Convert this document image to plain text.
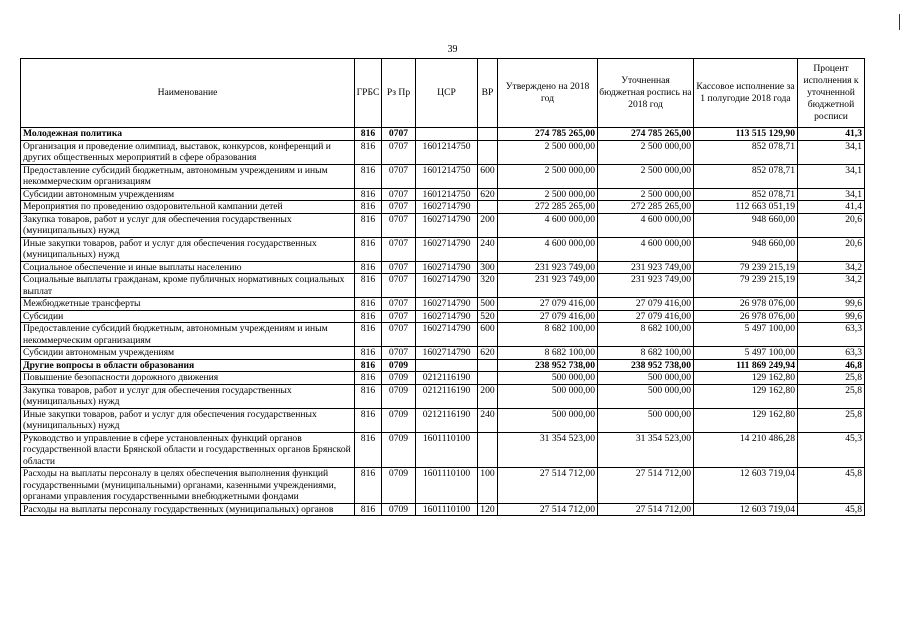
39
Наименование	ГРБС	Рз Пр	ЦСР	ВР	Утверждено на 2018 год	Уточненная бюджетная роспись на 2018 год	Кассовое исполнение за 1 полугодие 2018 года	Процент исполнения к уточненной бюджетной росписи
Молодежная политика	816	0707			274 785 265,00	274 785 265,00	113 515 129,90	41,3
Организация и проведение олимпиад, выставок, конкурсов, конференций и других общественных мероприятий в сфере образования	816	0707	1601214750		2 500 000,00	2 500 000,00	852 078,71	34,1
Предоставление субсидий бюджетным, автономным учреждениям и иным некоммерческим организациям	816	0707	1601214750	600	2 500 000,00	2 500 000,00	852 078,71	34,1
Субсидии автономным учреждениям	816	0707	1601214750	620	2 500 000,00	2 500 000,00	852 078,71	34,1
Мероприятия по проведению оздоровительной кампании детей	816	0707	1602714790		272 285 265,00	272 285 265,00	112 663 051,19	41,4
Закупка товаров, работ и услуг для обеспечения государственных (муниципальных) нужд	816	0707	1602714790	200	4 600 000,00	4 600 000,00	948 660,00	20,6
Иные закупки товаров, работ и услуг для обеспечения государственных (муниципальных) нужд	816	0707	1602714790	240	4 600 000,00	4 600 000,00	948 660,00	20,6
Социальное обеспечение и иные выплаты населению	816	0707	1602714790	300	231 923 749,00	231 923 749,00	79 239 215,19	34,2
Социальные выплаты гражданам, кроме публичных нормативных социальных выплат	816	0707	1602714790	320	231 923 749,00	231 923 749,00	79 239 215,19	34,2
Межбюджетные трансферты	816	0707	1602714790	500	27 079 416,00	27 079 416,00	26 978 076,00	99,6
Субсидии	816	0707	1602714790	520	27 079 416,00	27 079 416,00	26 978 076,00	99,6
Предоставление субсидий бюджетным, автономным учреждениям и иным некоммерческим организациям	816	0707	1602714790	600	8 682 100,00	8 682 100,00	5 497 100,00	63,3
Субсидии автономным учреждениям	816	0707	1602714790	620	8 682 100,00	8 682 100,00	5 497 100,00	63,3
Другие вопросы в области образования	816	0709			238 952 738,00	238 952 738,00	111 869 249,94	46,8
Повышение безопасности дорожного движения	816	0709	0212116190		500 000,00	500 000,00	129 162,80	25,8
Закупка товаров, работ и услуг для обеспечения государственных (муниципальных) нужд	816	0709	0212116190	200	500 000,00	500 000,00	129 162,80	25,8
Иные закупки товаров, работ и услуг для обеспечения государственных (муниципальных) нужд	816	0709	0212116190	240	500 000,00	500 000,00	129 162,80	25,8
Руководство и управление в сфере установленных функций органов государственной власти Брянской области и государственных органов Брянской области	816	0709	1601110100		31 354 523,00	31 354 523,00	14 210 486,28	45,3
Расходы на выплаты персоналу в целях обеспечения выполнения функций государственными (муниципальными) органами, казенными учреждениями, органами управления государственными внебюджетными фондами	816	0709	1601110100	100	27 514 712,00	27 514 712,00	12 603 719,04	45,8
Расходы на выплаты персоналу государственных (муниципальных) органов	816	0709	1601110100	120	27 514 712,00	27 514 712,00	12 603 719,04	45,8
